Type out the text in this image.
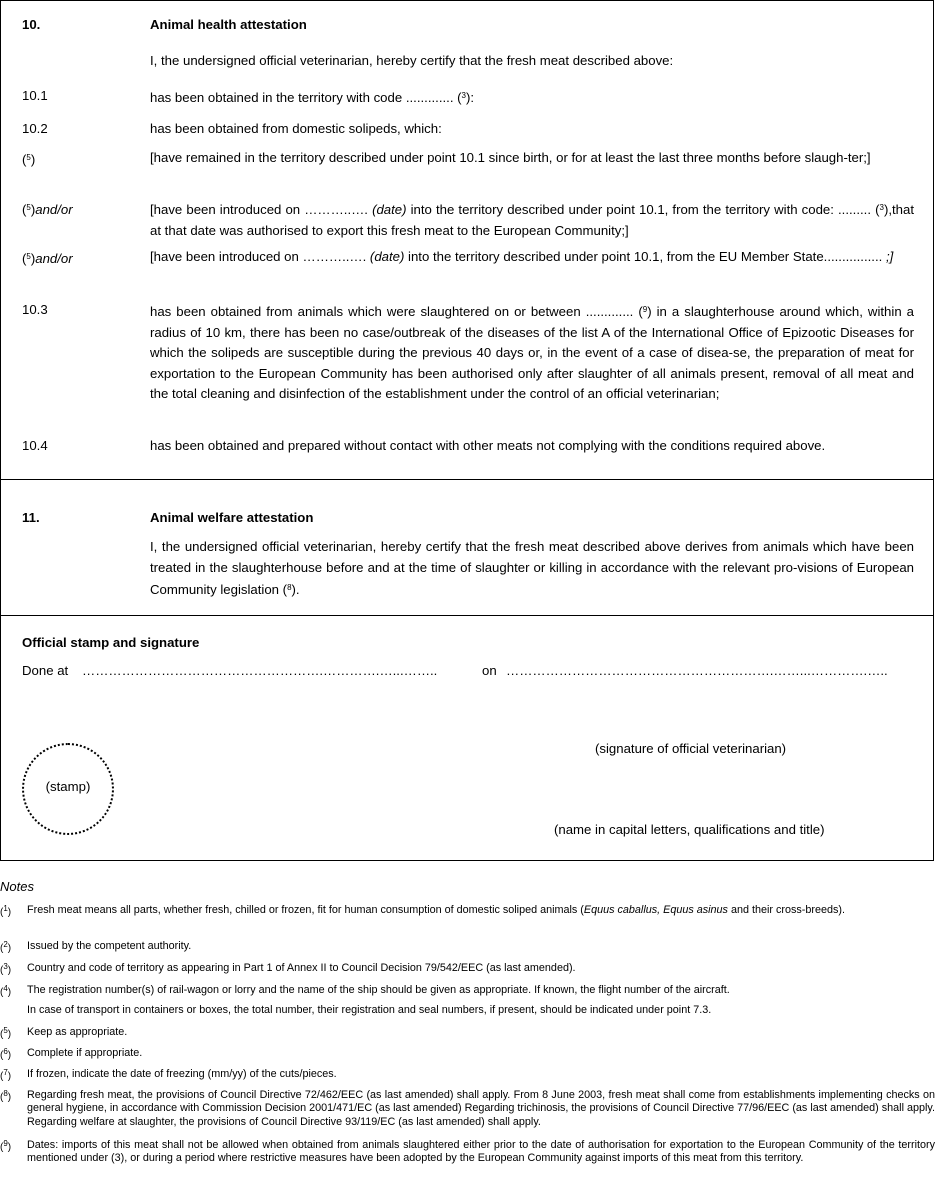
10.	Animal health attestation
I, the undersigned official veterinarian, hereby certify that the fresh meat described above:
10.1	has been obtained in the territory with code ............. ($^3$):
10.2	has been obtained from domestic solipeds, which:
($^5$)	[have remained in the territory described under point 10.1 since birth, or for at least the last three months before slaugh-ter;]
($^5$)and/or	[have been introduced on ………..…. (date) into the territory described under point 10.1, from the territory with code: ......... ($^3$),that at that date was authorised to export this fresh meat to the European Community;]
($^5$)and/or	[have been introduced on ………..…. (date) into the territory described under point 10.1, from the EU Member State................ ;]
10.3	has been obtained from animals which were slaughtered on or between ............. ($^9$) in a slaughterhouse around which, within a radius of 10 km, there has been no case/outbreak of the diseases of the list A of the International Office of Epizootic Diseases for which the solipeds are susceptible during the previous 40 days or, in the event of a case of disea-se, the preparation of meat for exportation to the European Community has been authorised only after slaughter of all animals present, removal of all meat and the total cleaning and disinfection of the establishment under the control of an official veterinarian;
10.4	has been obtained and prepared without contact with other meats not complying with the conditions required above.
11.	Animal welfare attestation
I, the undersigned official veterinarian, hereby certify that the fresh meat described above derives from animals which have been treated in the slaughterhouse before and at the time of slaughter or killing in accordance with the relevant pro-visions of European Community legislation ($^8$).
Official stamp and signature
Done at ……………………………………………….………….…...……..	on …………………………………………………….……...………….…..
(signature of official veterinarian)
(stamp)
(name in capital letters, qualifications and title)
Notes
($^1$) Fresh meat means all parts, whether fresh, chilled or frozen, fit for human consumption of domestic soliped animals (Equus caballus, Equus asinus and their cross-breeds).
($^2$) Issued by the competent authority.
($^3$) Country and code of territory as appearing in Part 1 of Annex II to Council Decision 79/542/EEC (as last amended).
($^4$) The registration number(s) of rail-wagon or lorry and the name of the ship should be given as appropriate. If known, the flight number of the aircraft.
In case of transport in containers or boxes, the total number, their registration and seal numbers, if present, should be indicated under point 7.3.
($^5$) Keep as appropriate.
($^6$) Complete if appropriate.
($^7$) If frozen, indicate the date of freezing (mm/yy) of the cuts/pieces.
($^8$) Regarding fresh meat, the provisions of Council Directive 72/462/EEC (as last amended) shall apply. From 8 June 2003, fresh meat shall come from establishments implementing checks on general hygiene, in accordance with Commission Decision 2001/471/EC (as last amended) Regarding trichinosis, the provisions of Council Directive 77/96/EEC (as last amended) shall apply. Regarding welfare at slaughter, the provisions of Council Directive 93/119/EC (as last amended) shall apply.
($^9$) Dates: imports of this meat shall not be allowed when obtained from animals slaughtered either prior to the date of authorisation for exportation to the European Community of the territory mentioned under (3), or during a period where restrictive measures have been adopted by the European Community against imports of this meat from this territory.
